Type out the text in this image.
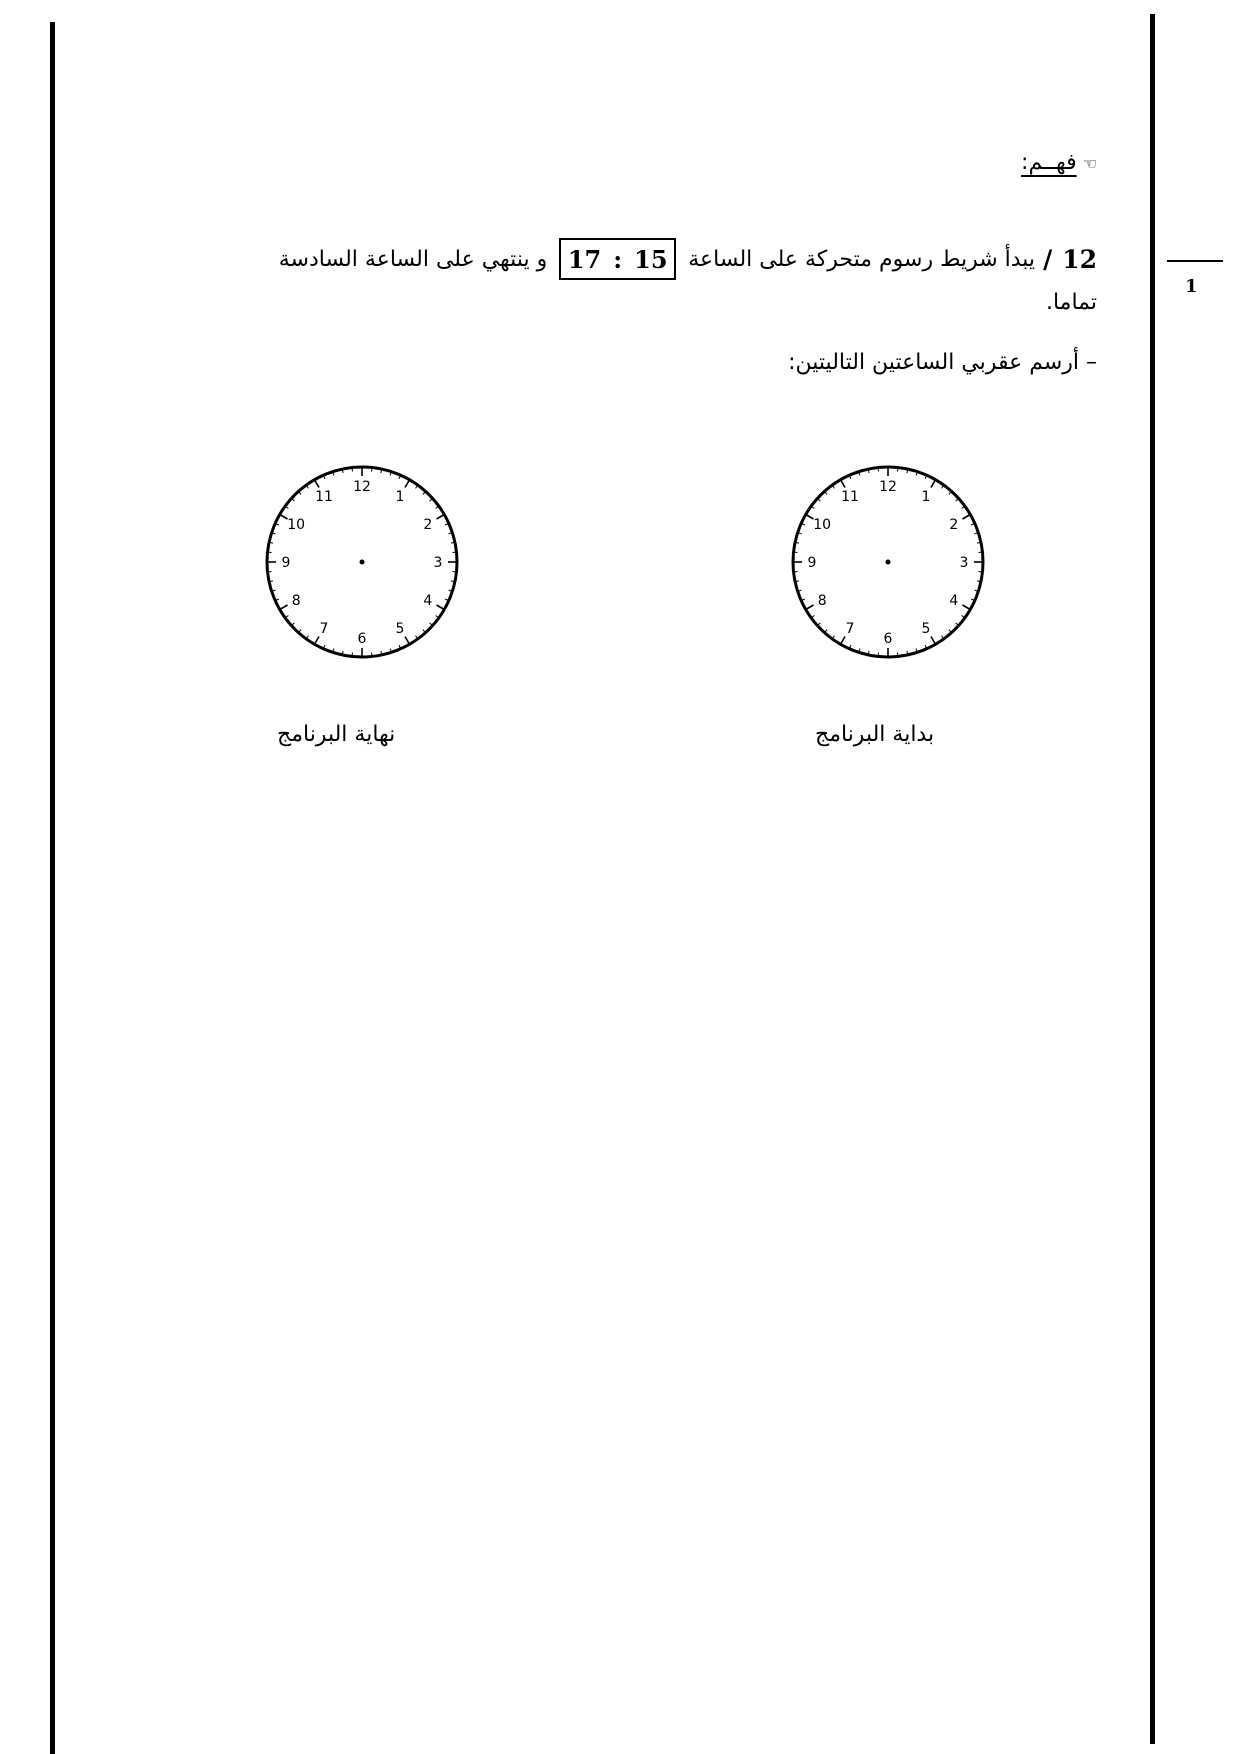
1
☜فهــم:
12
/
يبدأ شريط رسوم متحركة على الساعة
17 : 15
و ينتهي على الساعة السادسة
تماما.
– أرسم عقربي الساعتين التاليتين:
12
1
2
3
4
5
6
7
8
9
10
11
12
1
2
3
4
5
6
7
8
9
10
11
نهاية البرنامج	بداية البرنامج
